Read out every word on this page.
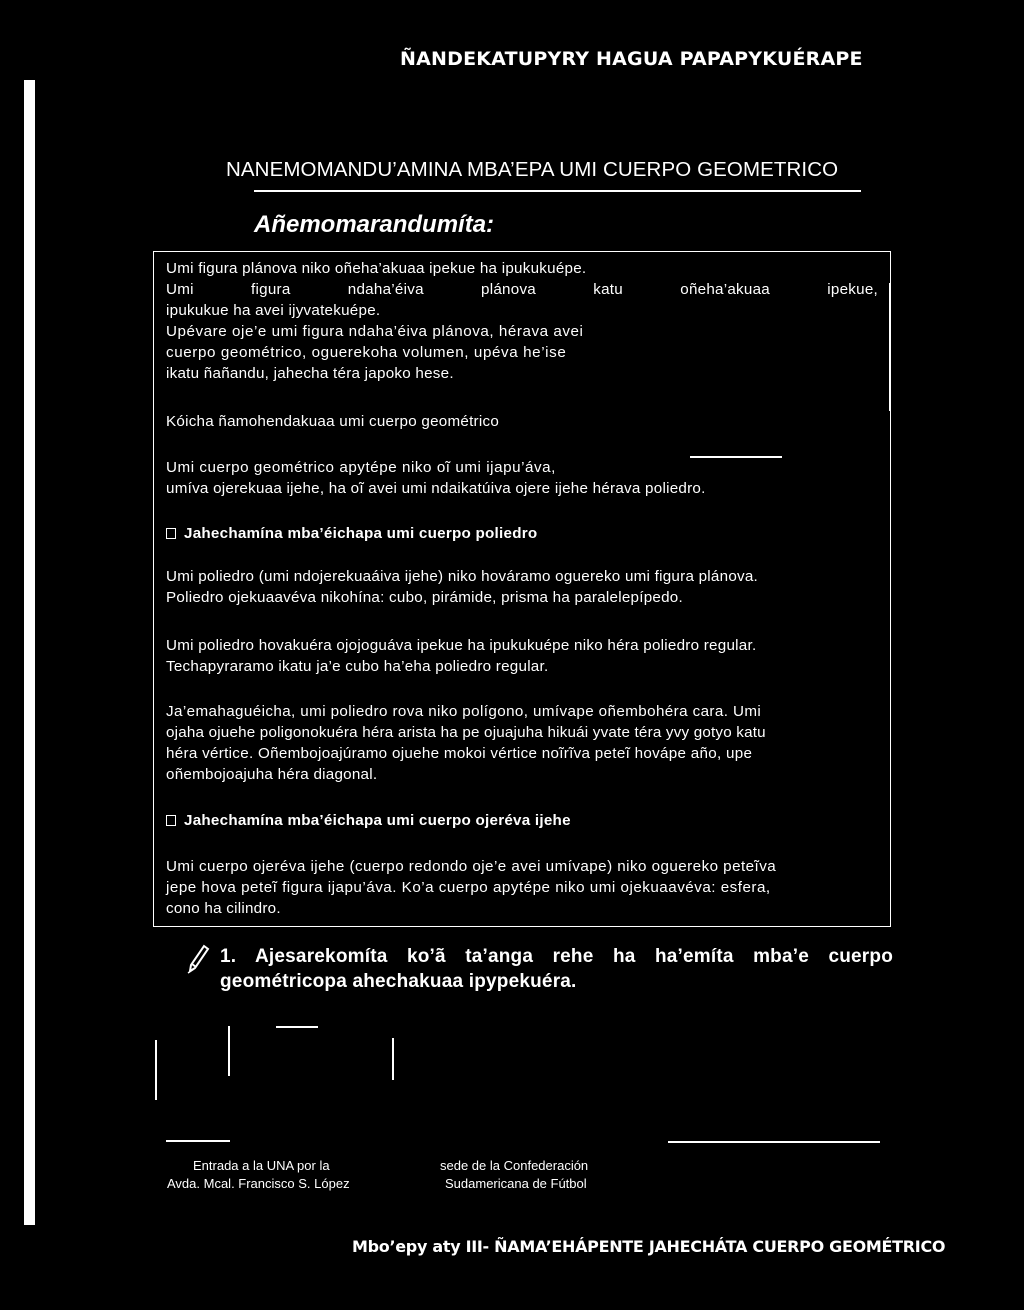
ÑANDEKATUPYRY HAGUA PAPAPYKUÉRAPE
NANEMOMANDU’AMINA MBA’EPA UMI CUERPO GEOMETRICO
Añemomarandumíta:
Umi figura plánova niko oñeha’akuaa ipekue ha ipukukuépe.
Umi figura ndaha’éiva plánova katu oñeha’akuaa ipekue,
ipukukue ha avei ijyvatekuépe.
Upévare oje’e umi figura ndaha’éiva plánova, hérava avei
cuerpo geométrico, oguerekoha volumen, upéva he’ise
ikatu ñañandu, jahecha téra japoko hese.
Kóicha ñamohendakuaa umi cuerpo geométrico
Umi cuerpo geométrico apytépe niko oĩ umi ijapu’áva,
umíva ojerekuaa ijehe, ha oĩ avei umi ndaikatúiva ojere ijehe hérava poliedro.
Jahechamína mba’éichapa umi cuerpo poliedro
Umi poliedro (umi ndojerekuaáiva ijehe) niko hováramo oguereko umi figura plánova.
Poliedro ojekuaavéva nikohína: cubo, pirámide, prisma ha paralelepípedo.
Umi poliedro hovakuéra ojojoguáva ipekue ha ipukukuépe niko héra poliedro regular.
Techapyraramo ikatu ja’e cubo ha’eha poliedro regular.
Ja’emahaguéicha, umi poliedro rova niko polígono, umívape oñembohéra cara. Umi
ojaha ojuehe poligonokuéra héra arista ha pe ojuajuha hikuái yvate téra yvy gotyo katu
héra vértice. Oñembojoajúramo ojuehe mokoi vértice noĩrĩva peteĩ hovápe año, upe
oñembojoajuha héra diagonal.
Jahechamína mba’éichapa umi cuerpo ojeréva ijehe
Umi cuerpo ojeréva ijehe (cuerpo redondo oje’e avei umívape) niko oguereko peteĩva
jepe hova peteĩ figura ijapu’áva. Ko’a cuerpo apytépe niko umi ojekuaavéva: esfera,
cono ha cilindro.
1. Ajesarekomíta ko’ã ta’anga rehe ha ha’emíta mba’e cuerpo geométricopa ahechakuaa ipypekuéra.
Entrada a la UNA por la
Avda. Mcal. Francisco S. López
sede de la Confederación
Sudamericana de Fútbol
Mbo’epy aty III- ÑAMA’EHÁPENTE JAHECHÁTA CUERPO GEOMÉTRICO
